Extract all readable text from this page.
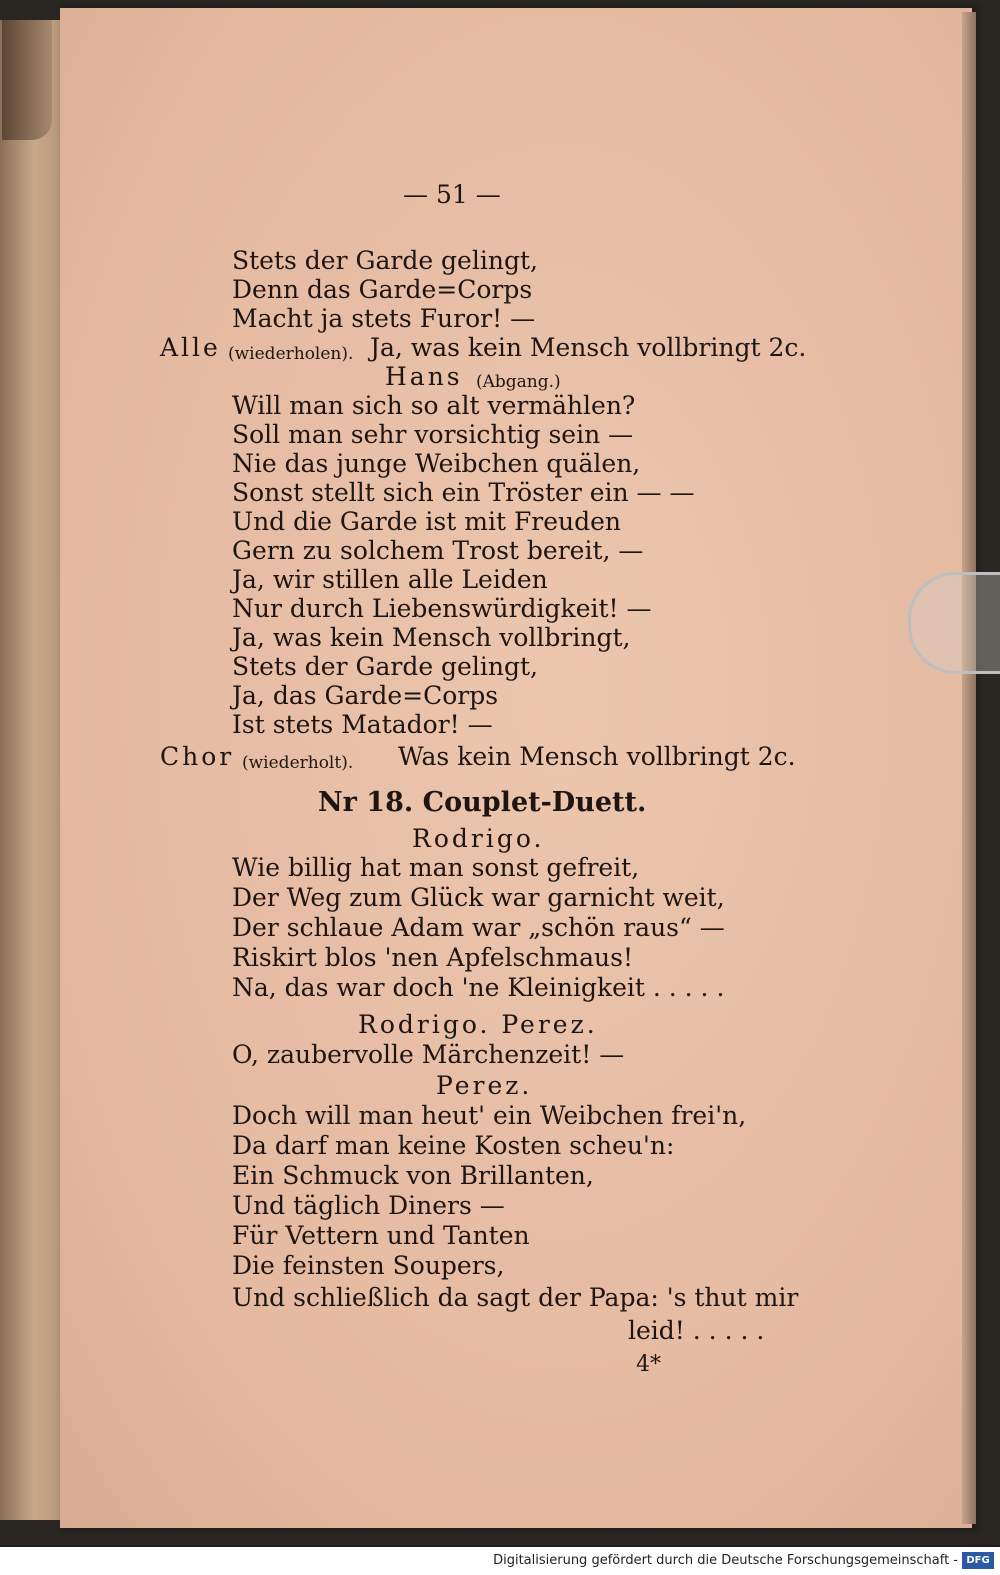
— 51 —
Stets der Garde gelingt,
Denn das Garde=Corps
Macht ja stets Furor! —
Alle (wiederholen). Ja, was kein Mensch vollbringt 2c.
Hans (Abgang.)
Will man sich so alt vermählen?
Soll man sehr vorsichtig sein —
Nie das junge Weibchen quälen,
Sonst stellt sich ein Tröster ein — —
Und die Garde ist mit Freuden
Gern zu solchem Trost bereit, —
Ja, wir stillen alle Leiden
Nur durch Liebenswürdigkeit! —
Ja, was kein Mensch vollbringt,
Stets der Garde gelingt,
Ja, das Garde=Corps
Ist stets Matador! —
Chor (wiederholt). Was kein Mensch vollbringt 2c.
Nr 18. Couplet-Duett.
Rodrigo.
Wie billig hat man sonst gefreit,
Der Weg zum Glück war garnicht weit,
Der schlaue Adam war „schön raus“ —
Riskirt blos 'nen Apfelschmaus!
Na, das war doch 'ne Kleinigkeit . . . . .
Rodrigo. Perez.
O, zaubervolle Märchenzeit! —
Perez.
Doch will man heut' ein Weibchen frei'n,
Da darf man keine Kosten scheu'n:
Ein Schmuck von Brillanten,
Und täglich Diners —
Für Vettern und Tanten
Die feinsten Soupers,
Und schließlich da sagt der Papa: 's thut mir
leid! . . . . .
4*
Digitalisierung gefördert durch die Deutsche Forschungsgemeinschaft - DFG
